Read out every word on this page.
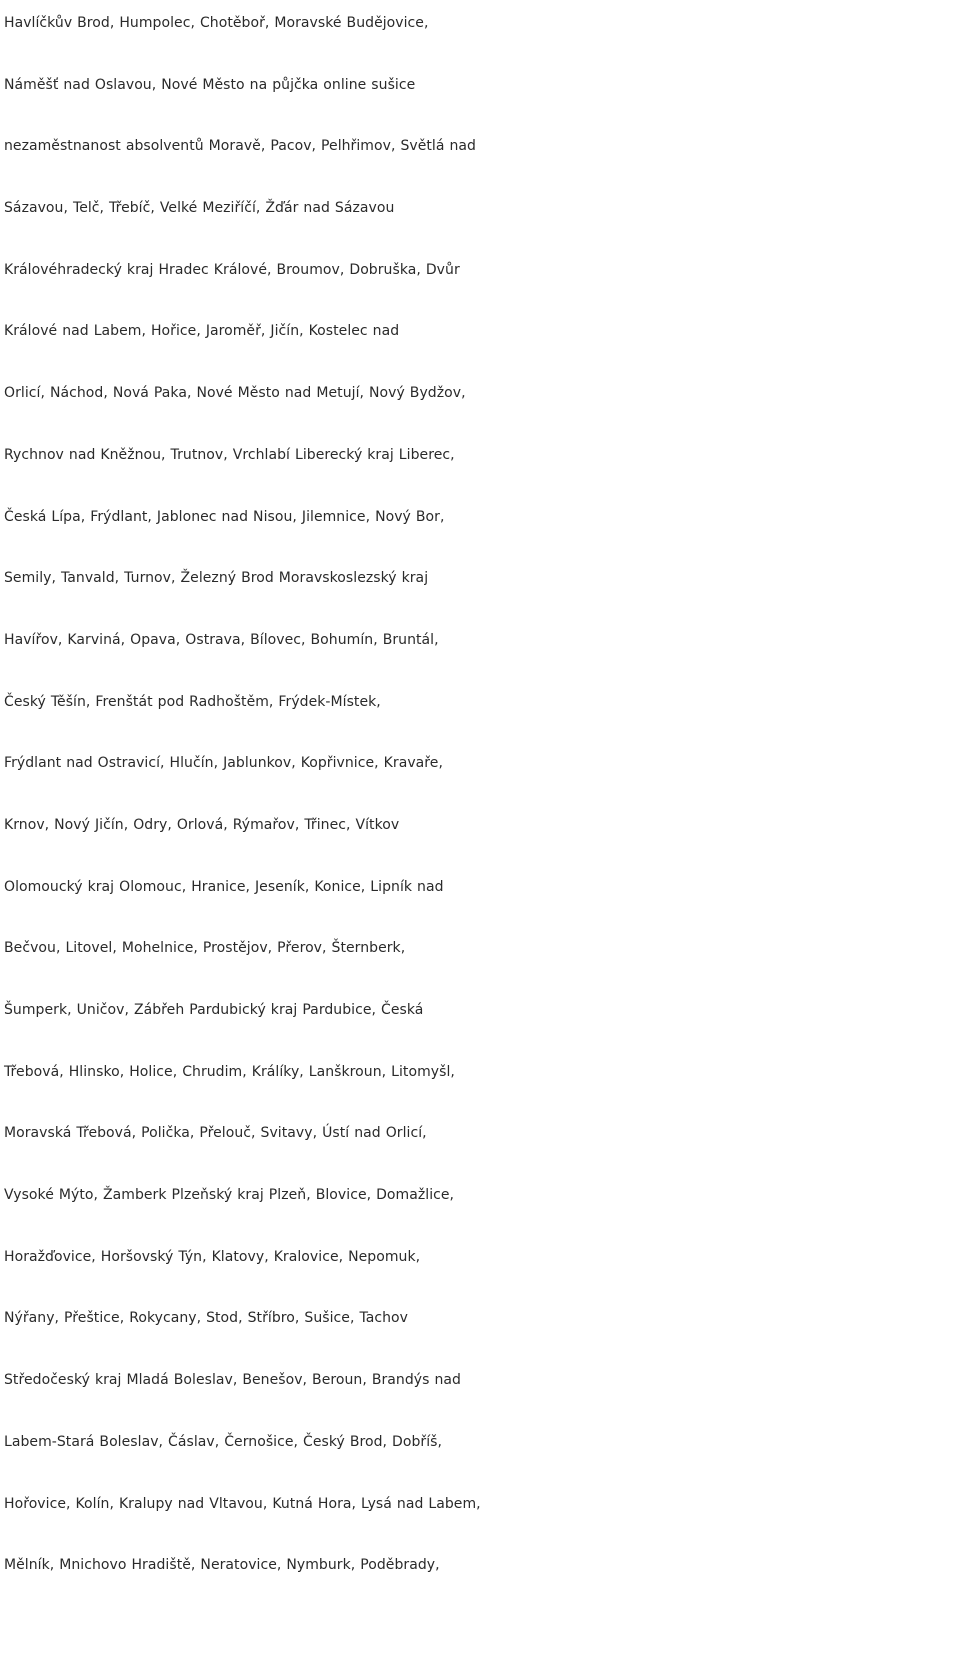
Havlíčkův Brod, Humpolec, Chotěboř, Moravské Budějovice,
Náměšť nad Oslavou, Nové Město na půjčka online sušice
nezaměstnanost absolventů Moravě, Pacov, Pelhřimov, Světlá nad
Sázavou, Telč, Třebíč, Velké Meziříčí, Žďár nad Sázavou
Královéhradecký kraj Hradec Králové, Broumov, Dobruška, Dvůr
Králové nad Labem, Hořice, Jaroměř, Jičín, Kostelec nad
Orlicí, Náchod, Nová Paka, Nové Město nad Metují, Nový Bydžov,
Rychnov nad Kněžnou, Trutnov, Vrchlabí Liberecký kraj Liberec,
Česká Lípa, Frýdlant, Jablonec nad Nisou, Jilemnice, Nový Bor,
Semily, Tanvald, Turnov, Železný Brod Moravskoslezský kraj
Havířov, Karviná, Opava, Ostrava, Bílovec, Bohumín, Bruntál,
Český Těšín, Frenštát pod Radhoštěm, Frýdek-Místek,
Frýdlant nad Ostravicí, Hlučín, Jablunkov, Kopřivnice, Kravaře,
Krnov, Nový Jičín, Odry, Orlová, Rýmařov, Třinec, Vítkov
Olomoucký kraj Olomouc, Hranice, Jeseník, Konice, Lipník nad
Bečvou, Litovel, Mohelnice, Prostějov, Přerov, Šternberk,
Šumperk, Uničov, Zábřeh Pardubický kraj Pardubice, Česká
Třebová, Hlinsko, Holice, Chrudim, Králíky, Lanškroun, Litomyšl,
Moravská Třebová, Polička, Přelouč, Svitavy, Ústí nad Orlicí,
Vysoké Mýto, Žamberk Plzeňský kraj Plzeň, Blovice, Domažlice,
Horažďovice, Horšovský Týn, Klatovy, Kralovice, Nepomuk,
Nýřany, Přeštice, Rokycany, Stod, Stříbro, Sušice, Tachov
Středočeský kraj Mladá Boleslav, Benešov, Beroun, Brandýs nad
Labem-Stará Boleslav, Čáslav, Černošice, Český Brod, Dobříš,
Hořovice, Kolín, Kralupy nad Vltavou, Kutná Hora, Lysá nad Labem,
Mělník, Mnichovo Hradiště, Neratovice, Nymburk, Poděbrady,
